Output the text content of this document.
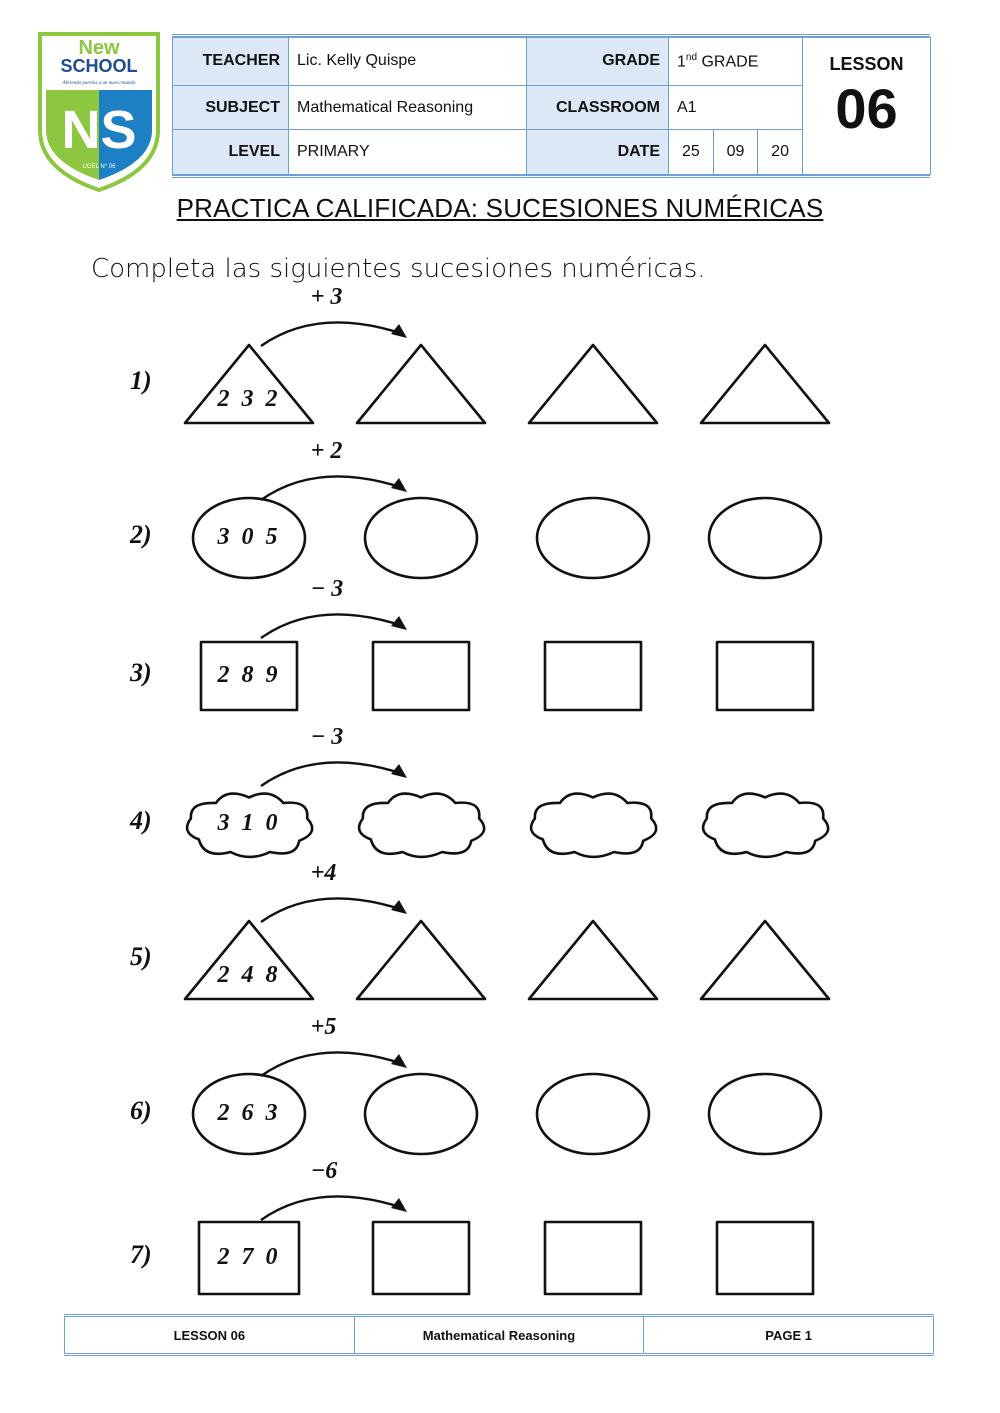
New
SCHOOL
Abriendo puertas a un nuevo mundo
NS
UGEL N° 06
TEACHER	Lic. Kelly Quispe	GRADE	1nd GRADE	LESSON
06

SUBJECT	Mathematical Reasoning	CLASSROOM	A1
LEVEL	PRIMARY	DATE	25	09	20
PRACTICA CALIFICADA: SUCESIONES NUMÉRICAS
Completa las siguientes sucesiones numéricas.
1)
2 3 2
+ 3
2)	3 0 5
+ 2
3)	2 8 9
− 3
4)	3 1 0
− 3
5)
2 4 8
+4
6)	2 6 3
+5
7)	2 7 0
−6
LESSON 06	Mathematical Reasoning	PAGE 1
